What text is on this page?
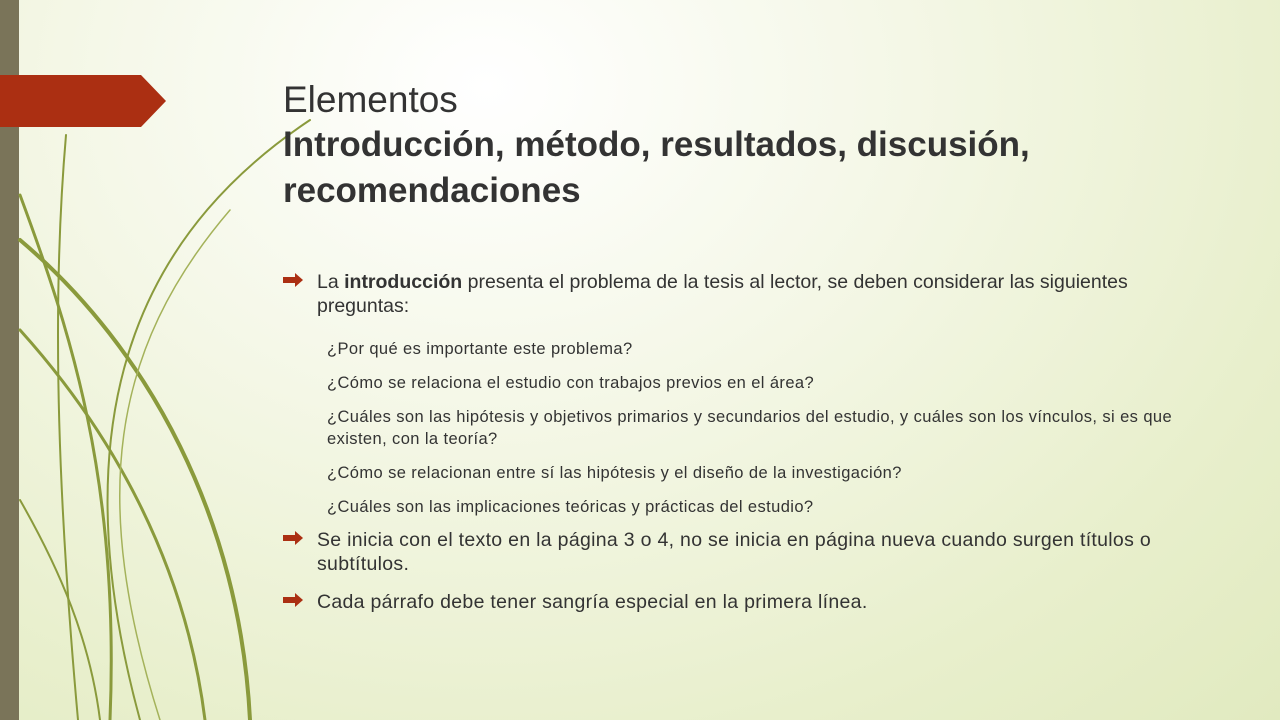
Elementos
Introducción, método, resultados, discusión, recomendaciones
La introducción presenta el problema de la tesis al lector, se deben considerar las siguientes preguntas:
¿Por qué es importante este problema?
¿Cómo se relaciona el estudio con trabajos previos en el área?
¿Cuáles son las hipótesis y objetivos primarios y secundarios del estudio, y cuáles son los vínculos, si es que existen, con la teoría?
¿Cómo se relacionan entre sí las hipótesis y el diseño de la investigación?
¿Cuáles son las implicaciones teóricas y prácticas del estudio?
Se inicia con el texto en la página 3 o 4, no se inicia en página nueva cuando surgen títulos o subtítulos.
Cada párrafo debe tener sangría especial en la primera línea.
